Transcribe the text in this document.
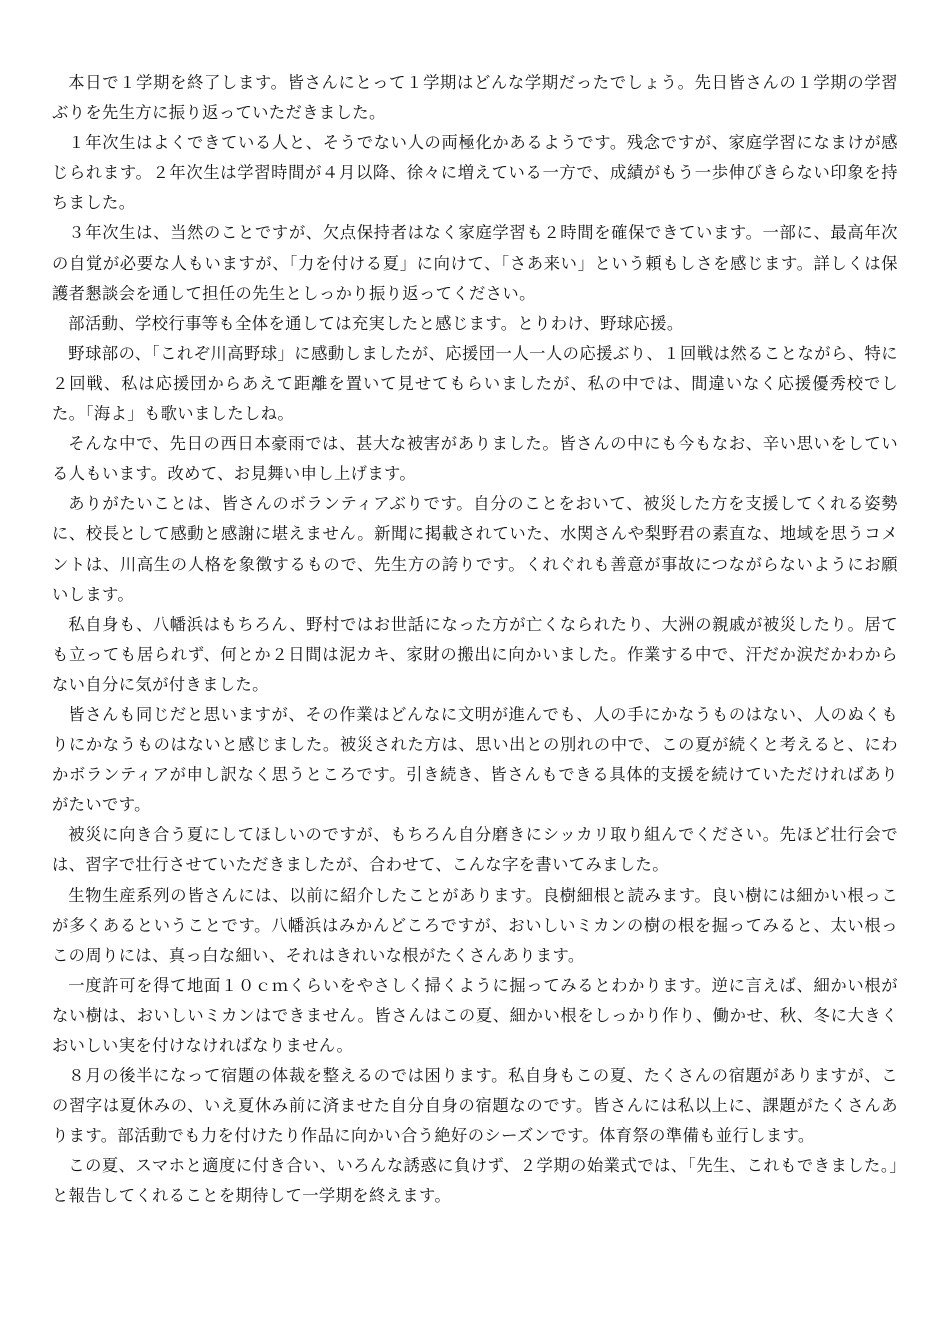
本日で１学期を終了します。皆さんにとって１学期はどんな学期だったでしょう。先日皆さんの１学期の学習ぶりを先生方に振り返っていただきました。

１年次生はよくできている人と、そうでない人の両極化かあるようです。残念ですが、家庭学習になまけが感じられます。２年次生は学習時間が４月以降、徐々に増えている一方で、成績がもう一歩伸びきらない印象を持ちました。

３年次生は、当然のことですが、欠点保持者はなく家庭学習も２時間を確保できています。一部に、最高年次の自覚が必要な人もいますが、「力を付ける夏」に向けて、「さあ来い」という頼もしさを感じます。詳しくは保護者懇談会を通して担任の先生としっかり振り返ってください。

部活動、学校行事等も全体を通しては充実したと感じます。とりわけ、野球応援。

野球部の、「これぞ川高野球」に感動しましたが、応援団一人一人の応援ぶり、１回戦は然ることながら、特に２回戦、私は応援団からあえて距離を置いて見せてもらいましたが、私の中では、間違いなく応援優秀校でした。「海よ」も歌いましたしね。

そんな中で、先日の西日本豪雨では、甚大な被害がありました。皆さんの中にも今もなお、辛い思いをしている人もいます。改めて、お見舞い申し上げます。

ありがたいことは、皆さんのボランティアぶりです。自分のことをおいて、被災した方を支援してくれる姿勢に、校長として感動と感謝に堪えません。新聞に掲載されていた、水関さんや梨野君の素直な、地域を思うコメントは、川高生の人格を象徴するもので、先生方の誇りです。くれぐれも善意が事故につながらないようにお願いします。

私自身も、八幡浜はもちろん、野村ではお世話になった方が亡くなられたり、大洲の親戚が被災したり。居ても立っても居られず、何とか２日間は泥カキ、家財の搬出に向かいました。作業する中で、汗だか涙だかわからない自分に気が付きました。

皆さんも同じだと思いますが、その作業はどんなに文明が進んでも、人の手にかなうものはない、人のぬくもりにかなうものはないと感じました。被災された方は、思い出との別れの中で、この夏が続くと考えると、にわかボランティアが申し訳なく思うところです。引き続き、皆さんもできる具体的支援を続けていただければありがたいです。

被災に向き合う夏にしてほしいのですが、もちろん自分磨きにシッカリ取り組んでください。先ほど壮行会では、習字で壮行させていただきましたが、合わせて、こんな字を書いてみました。

生物生産系列の皆さんには、以前に紹介したことがあります。良樹細根と読みます。良い樹には細かい根っこが多くあるということです。八幡浜はみかんどころですが、おいしいミカンの樹の根を掘ってみると、太い根っこの周りには、真っ白な細い、それはきれいな根がたくさんあります。

一度許可を得て地面１０ｃｍくらいをやさしく掃くように掘ってみるとわかります。逆に言えば、細かい根がない樹は、おいしいミカンはできません。皆さんはこの夏、細かい根をしっかり作り、働かせ、秋、冬に大きくおいしい実を付けなければなりません。

８月の後半になって宿題の体裁を整えるのでは困ります。私自身もこの夏、たくさんの宿題がありますが、この習字は夏休みの、いえ夏休み前に済ませた自分自身の宿題なのです。皆さんには私以上に、課題がたくさんあります。部活動でも力を付けたり作品に向かい合う絶好のシーズンです。体育祭の準備も並行します。

この夏、スマホと適度に付き合い、いろんな誘惑に負けず、２学期の始業式では、「先生、これもできました。」と報告してくれることを期待して一学期を終えます。
